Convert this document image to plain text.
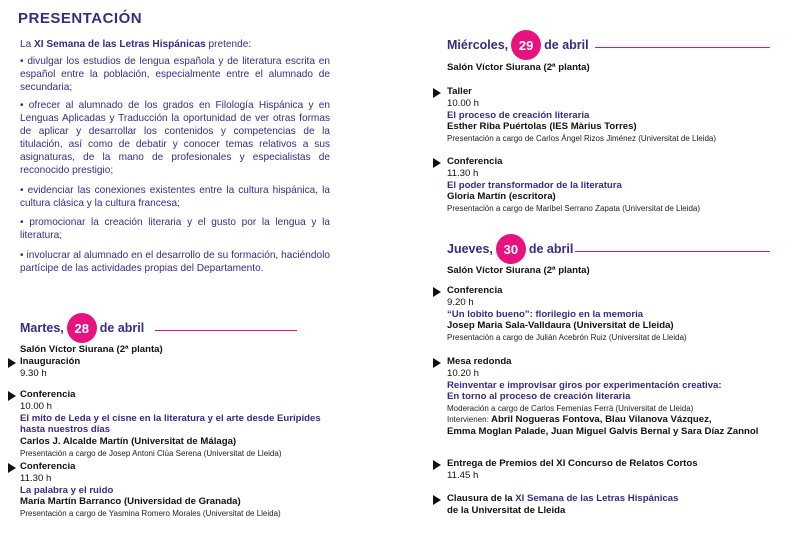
PRESENTACIÓN
La XI Semana de las Letras Hispánicas pretende:
• divulgar los estudios de lengua española y de literatura escrita en español entre la población, especialmente entre el alumnado de secundaria;
• ofrecer al alumnado de los grados en Filología Hispánica y en Lenguas Aplicadas y Traducción la oportunidad de ver otras formas de aplicar y desarrollar los contenidos y competencias de la titulación, así como de debatir y conocer temas relativos a sus asignaturas, de la mano de profesionales y especialistas de reconocido prestigio;
• evidenciar las conexiones existentes entre la cultura hispánica, la cultura clásica y la cultura francesa;
• promocionar la creación literaria y el gusto por la lengua y la literatura;
• involucrar al alumnado en el desarrollo de su formación, haciéndolo partícipe de las actividades propias del Departamento.
Martes, 28 de abril
Salón Víctor Siurana (2ª planta)
Inauguración
9.30 h
Conferencia
10.00 h
El mito de Leda y el cisne en la literatura y el arte desde Eurípides
hasta nuestros días
Carlos J. Alcalde Martín (Universitat de Málaga)
Presentación a cargo de Josep Antoni Clúa Serena (Universitat de Lleida)
Conferencia
11.30 h
La palabra y el ruido
María Martín Barranco (Universidad de Granada)
Presentación a cargo de Yasmina Romero Morales (Universitat de Lleida)
Miércoles, 29 de abril
Salón Víctor Siurana (2ª planta)
Taller
10.00 h
El proceso de creación literaria
Esther Riba Puértolas (IES Màrius Torres)
Presentación a cargo de Carlos Ángel Rizos Jiménez (Universitat de Lleida)
Conferencia
11.30 h
El poder transformador de la literatura
Gloria Martín (escritora)
Presentación a cargo de Maribel Serrano Zapata (Universitat de Lleida)
Jueves, 30 de abril
Salón Víctor Siurana (2ª planta)
Conferencia
9.20 h
“Un lobito bueno”: florilegio en la memoria
Josep Maria Sala-Valldaura (Universitat de Lleida)
Presentación a cargo de Julián Acebrón Ruiz (Universitat de Lleida)
Mesa redonda
10.20 h
Reinventar e improvisar giros por experimentación creativa:
En torno al proceso de creación literaria
Moderación a cargo de Carlos Femenías Ferrà (Universitat de Lleida)
Intervienen: Abril Nogueras Fontova, Blau Vilanova Vázquez,
Emma Moglan Palade, Juan Miguel Galvis Bernal y Sara Díaz Zannol
Entrega de Premios del XI Concurso de Relatos Cortos
11.45 h
Clausura de la XI Semana de las Letras Hispánicas
de la Universitat de Lleida
